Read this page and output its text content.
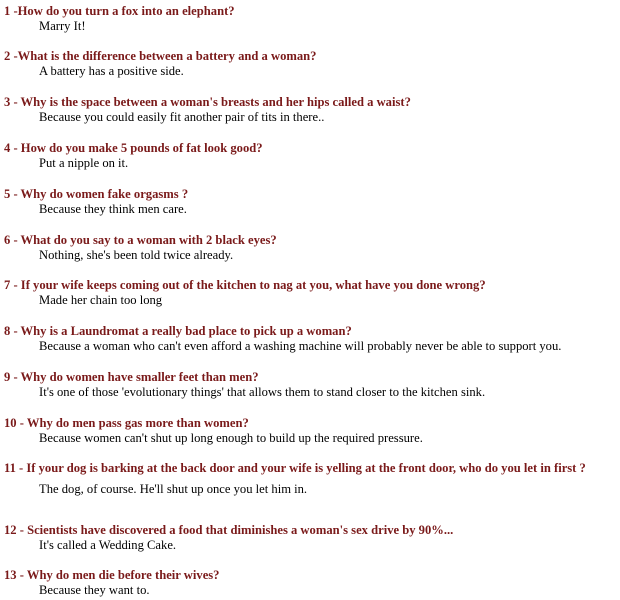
1 -How do you turn a fox into an elephant?

Marry It!

2 -What is the difference between a battery and a woman?

A battery has a positive side.

3 - Why is the space between a woman's breasts and her hips called a waist?

Because you could easily fit another pair of tits in there..

4 - How do you make 5 pounds of fat look good?

Put a nipple on it.

5 - Why do women fake orgasms ?

Because they think men care.

6 - What do you say to a woman with 2 black eyes?

Nothing, she's been told twice already.

7 - If your wife keeps coming out of the kitchen to nag at you, what have you done wrong?

Made her chain too long

8 - Why is a Laundromat a really bad place to pick up a woman?

Because a woman who can't even afford a washing machine will probably never be able to support you.

9 - Why do women have smaller feet than men?

It's one of those 'evolutionary things' that allows them to stand closer to the kitchen sink.

10 - Why do men pass gas more than women?

Because women can't shut up long enough to build up the required pressure.

11 - If your dog is barking at the back door and your wife is yelling at the front door, who do you let in first ?

The dog, of course. He'll shut up once you let him in.

12 - Scientists have discovered a food that diminishes a woman's sex drive by 90%...

It's called a Wedding Cake.

13 - Why do men die before their wives?

Because they want to.
